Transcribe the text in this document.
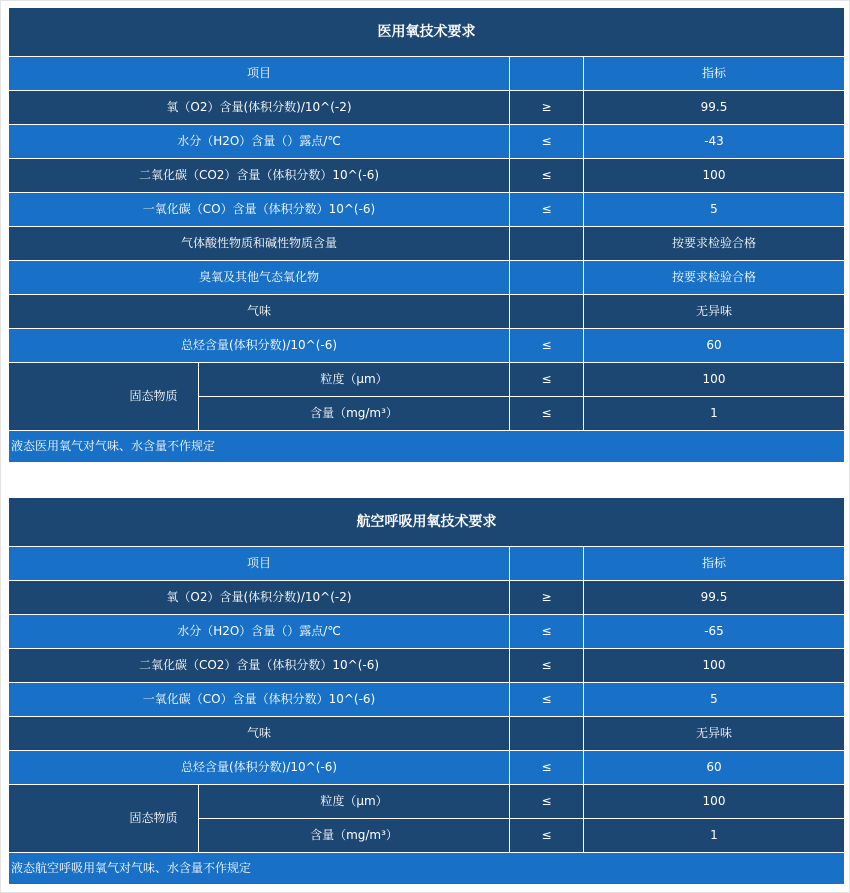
医用氧技术要求			
项目			指标
氧（O2）含量(体积分数)/10^(-2)		≥	99.5
水分（H2O）含量（）露点/℃		≤	-43
二氧化碳（CO2）含量（体积分数）10^(-6)		≤	100
一氧化碳（CO）含量（体积分数）10^(-6)		≤	5
气体酸性物质和碱性物质含量			按要求检验合格
臭氧及其他气态氧化物			按要求检验合格
气味			无异味
总烃含量(体积分数)/10^(-6)		≤	60
固态物质	粒度（μm）	≤	100
	含量（mg/m³）	≤	1
液态医用氧气对气味、水含量不作规定			
航空呼吸用氧技术要求			
项目			指标
氧（O2）含量(体积分数)/10^(-2)		≥	99.5
水分（H2O）含量（）露点/℃		≤	-65
二氧化碳（CO2）含量（体积分数）10^(-6)		≤	100
一氧化碳（CO）含量（体积分数）10^(-6)		≤	5
气味			无异味
总烃含量(体积分数)/10^(-6)		≤	60
固态物质	粒度（μm）	≤	100
	含量（mg/m³）	≤	1
液态航空呼吸用氧气对气味、水含量不作规定			
